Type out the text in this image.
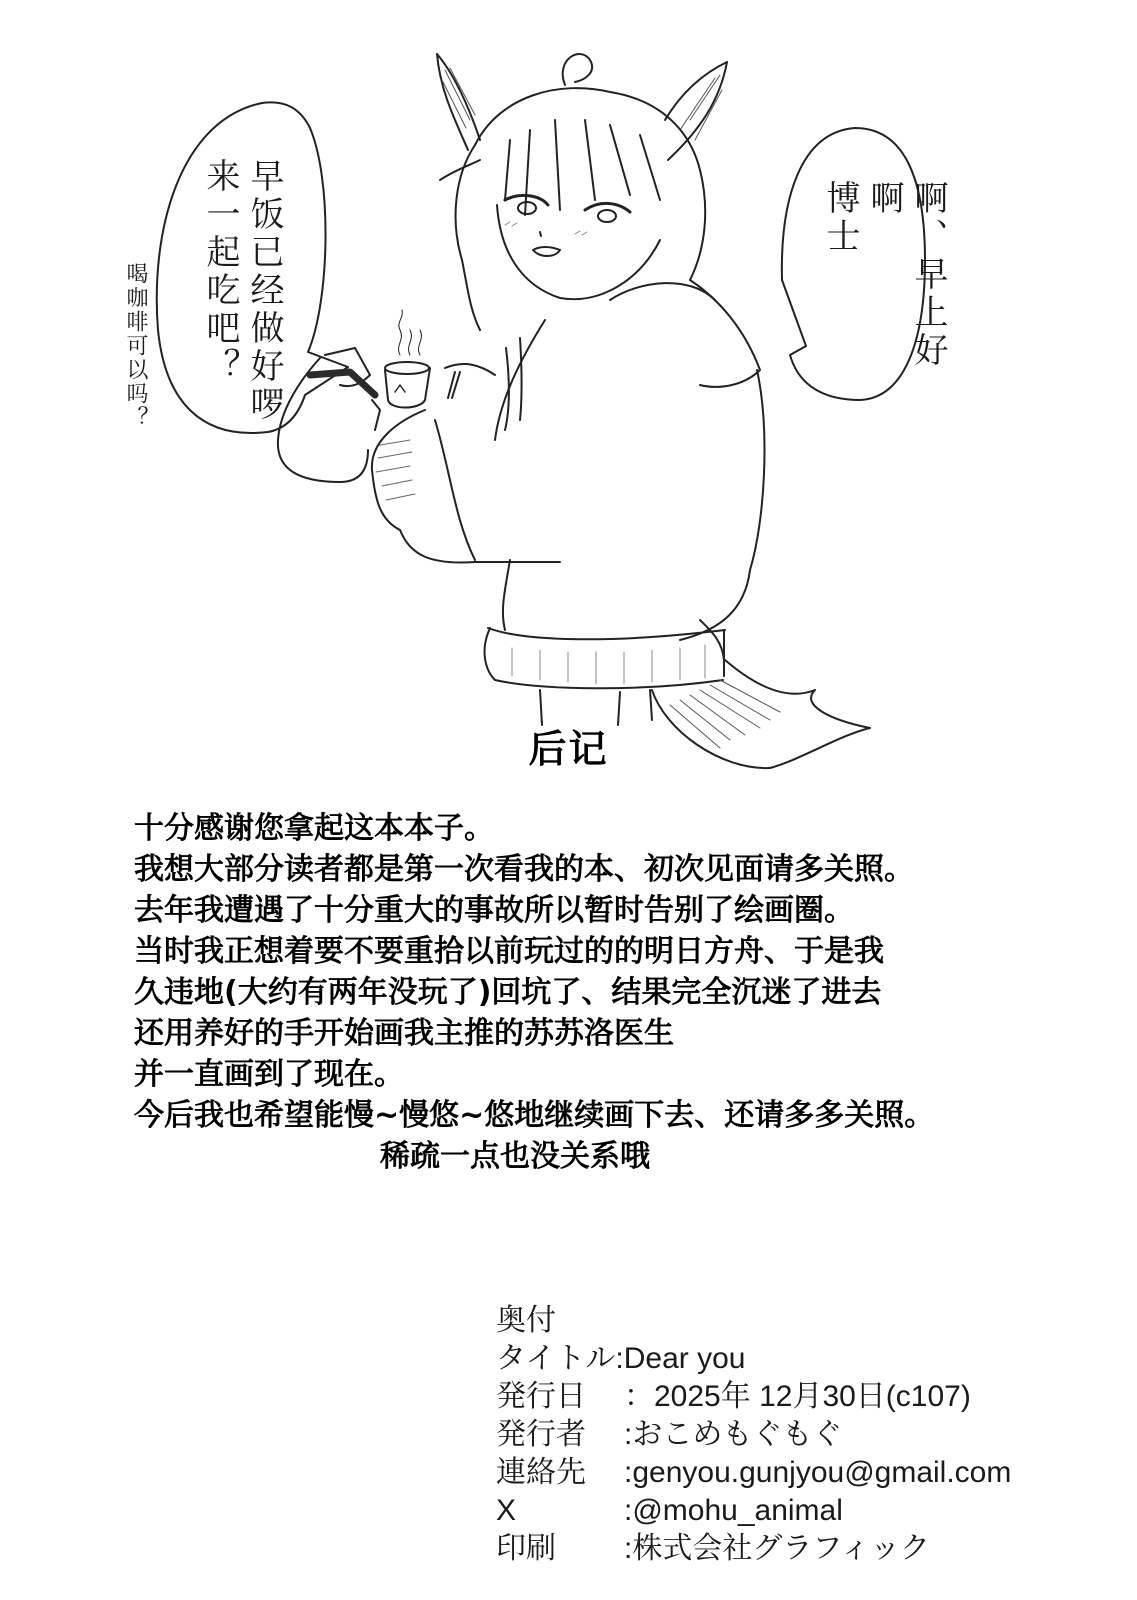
早饭已经做好啰
来一起吃吧？	啊、早上好啊
博士
喝咖啡可以吗？
后记
十分感谢您拿起这本本子。
我想大部分读者都是第一次看我的本、初次见面请多关照。
去年我遭遇了十分重大的事故所以暂时告别了绘画圈。
当时我正想着要不要重拾以前玩过的的明日方舟、于是我
久违地(大约有两年没玩了)回坑了、结果完全沉迷了进去
还用养好的手开始画我主推的苏苏洛医生
并一直画到了现在。
今后我也希望能慢~慢悠~悠地继续画下去、还请多多关照。
稀疏一点也没关系哦
奥付
タイトル : Dear you
発行日	： 2025年 12月30日(c107)
発行者	: おこめもぐもぐ
連絡先	: genyou.gunjyou@gmail.com
X	: @mohu_animal
印刷	: 株式会社グラフィック
